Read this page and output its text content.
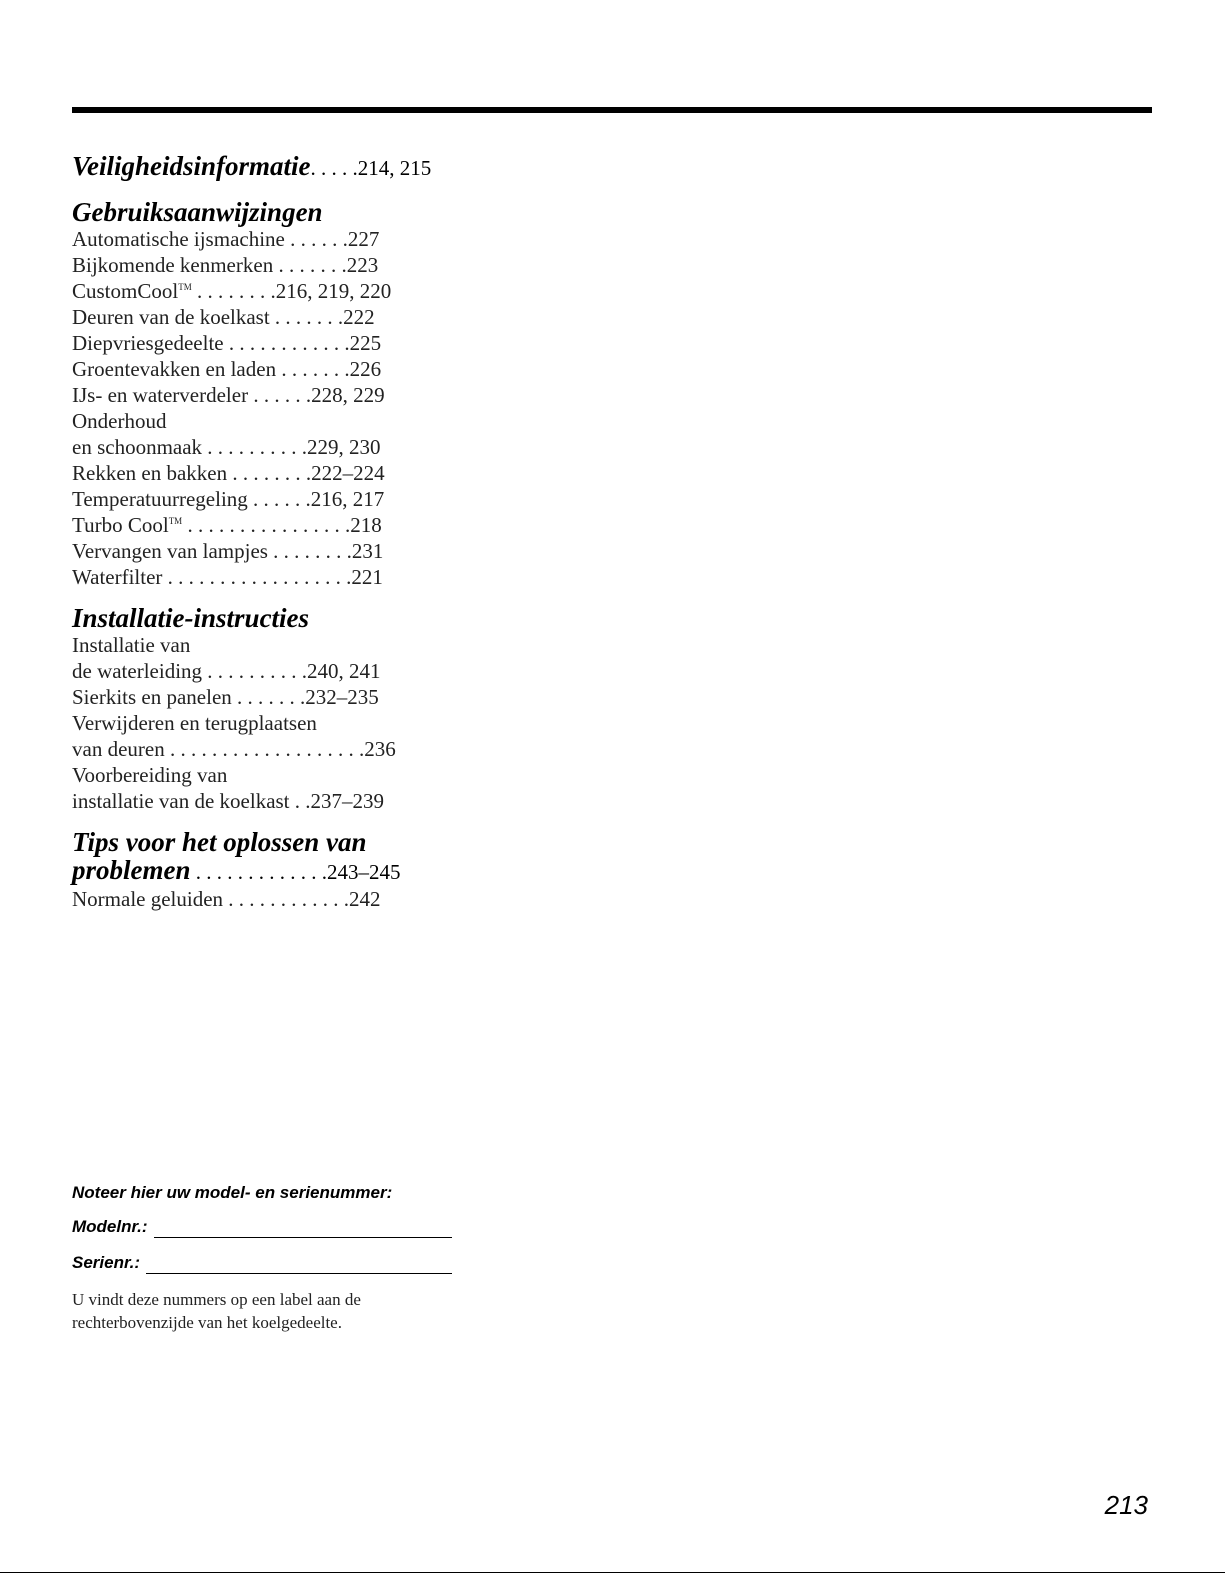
Veiligheidsinformatie. . . . .214, 215
Gebruiksaanwijzingen
Automatische ijsmachine . . . . . .227
Bijkomende kenmerken . . . . . . .223
CustomCool™ . . . . . . . .216, 219, 220
Deuren van de koelkast . . . . . . .222
Diepvriesgedeelte . . . . . . . . . . . .225
Groentevakken en laden . . . . . . .226
IJs- en waterverdeler . . . . . .228, 229
Onderhoud
en schoonmaak . . . . . . . . . .229, 230
Rekken en bakken . . . . . . . .222–224
Temperatuurregeling . . . . . .216, 217
Turbo Cool™ . . . . . . . . . . . . . . . .218
Vervangen van lampjes . . . . . . . .231
Waterfilter . . . . . . . . . . . . . . . . . .221
Installatie-instructies
Installatie van
de waterleiding . . . . . . . . . .240, 241
Sierkits en panelen . . . . . . .232–235
Verwijderen en terugplaatsen
van deuren . . . . . . . . . . . . . . . . . . .236
Voorbereiding van
installatie van de koelkast . .237–239
Tips voor het oplossen van
problemen . . . . . . . . . . . . .243–245
Normale geluiden . . . . . . . . . . . .242
Noteer hier uw model- en serienummer:
Modelnr.:
Serienr.:
U vindt deze nummers op een label aan de rechterbovenzijde van het koelgedeelte.
213
